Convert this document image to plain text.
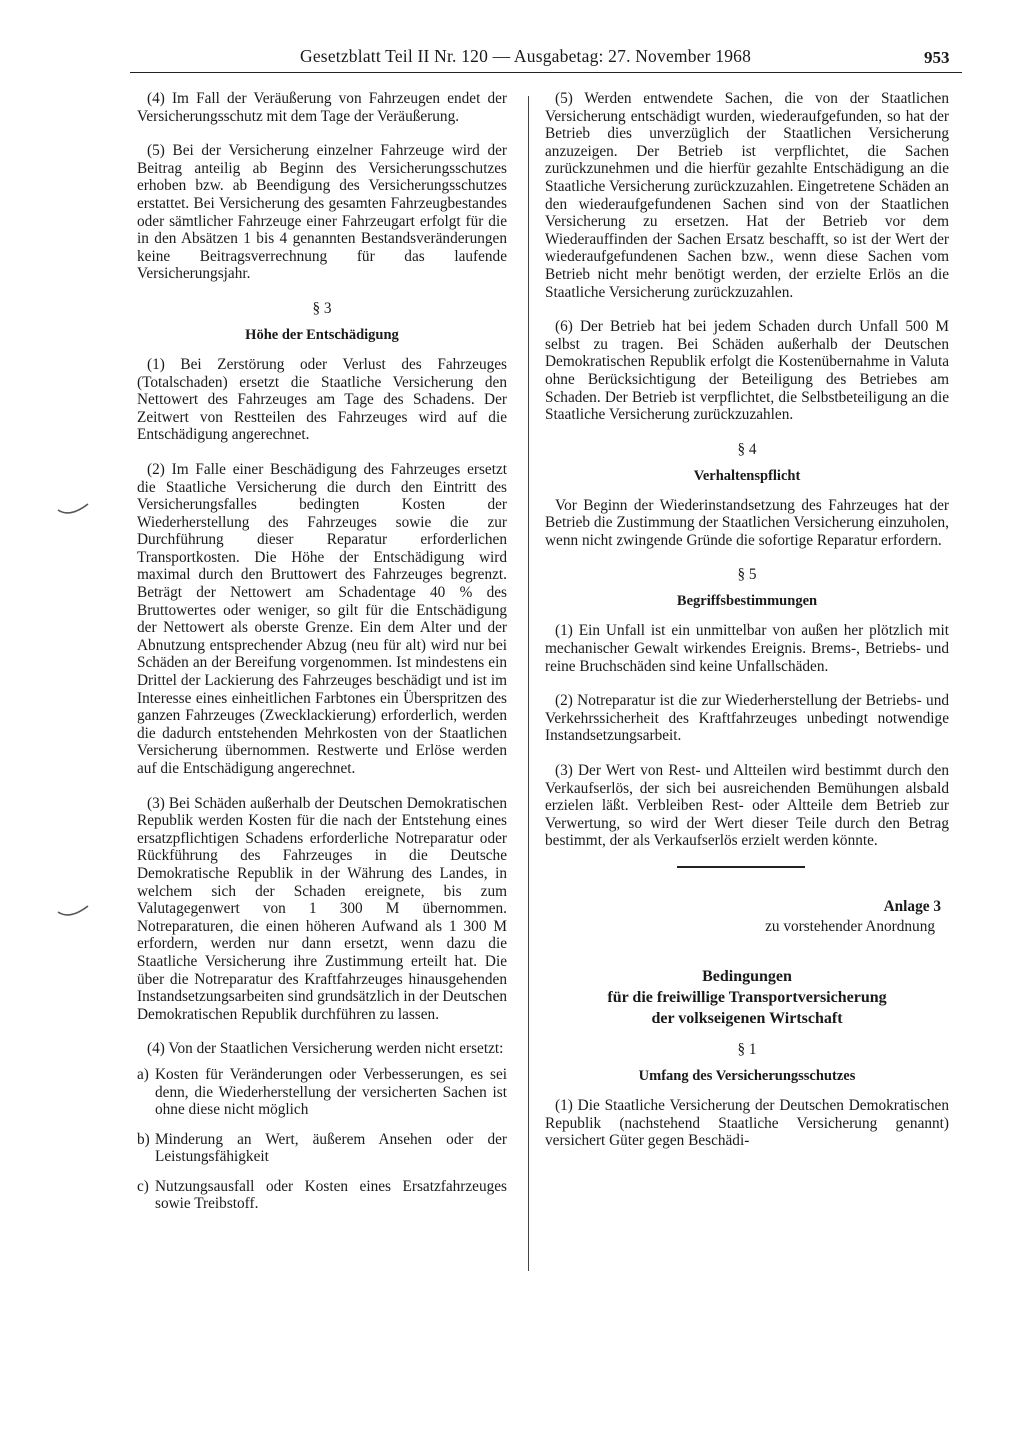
Gesetzblatt Teil II Nr. 120 — Ausgabetag: 27. November 1968	953

(4) Im Fall der Veräußerung von Fahrzeugen endet der Versicherungsschutz mit dem Tage der Veräußerung.

(5) Bei der Versicherung einzelner Fahrzeuge wird der Beitrag anteilig ab Beginn des Versicherungsschutzes erhoben bzw. ab Beendigung des Versicherungsschutzes erstattet. Bei Versicherung des gesamten Fahrzeugbestandes oder sämtlicher Fahrzeuge einer Fahrzeugart erfolgt für die in den Absätzen 1 bis 4 genannten Bestandsveränderungen keine Beitragsverrechnung für das laufende Versicherungsjahr.

§ 3
Höhe der Entschädigung

(1) Bei Zerstörung oder Verlust des Fahrzeuges (Totalschaden) ersetzt die Staatliche Versicherung den Nettowert des Fahrzeuges am Tage des Schadens. Der Zeitwert von Restteilen des Fahrzeuges wird auf die Entschädigung angerechnet.

(2) Im Falle einer Beschädigung des Fahrzeuges ersetzt die Staatliche Versicherung die durch den Eintritt des Versicherungsfalles bedingten Kosten der Wiederherstellung des Fahrzeuges sowie die zur Durchführung dieser Reparatur erforderlichen Transportkosten. Die Höhe der Entschädigung wird maximal durch den Bruttowert des Fahrzeuges begrenzt. Beträgt der Nettowert am Schadentage 40 % des Bruttowertes oder weniger, so gilt für die Entschädigung der Nettowert als oberste Grenze. Ein dem Alter und der Abnutzung entsprechender Abzug (neu für alt) wird nur bei Schäden an der Bereifung vorgenommen. Ist mindestens ein Drittel der Lackierung des Fahrzeuges beschädigt und ist im Interesse eines einheitlichen Farbtones ein Überspritzen des ganzen Fahrzeuges (Zwecklackierung) erforderlich, werden die dadurch entstehenden Mehrkosten von der Staatlichen Versicherung übernommen. Restwerte und Erlöse werden auf die Entschädigung angerechnet.

(3) Bei Schäden außerhalb der Deutschen Demokratischen Republik werden Kosten für die nach der Entstehung eines ersatzpflichtigen Schadens erforderliche Notreparatur oder Rückführung des Fahrzeuges in die Deutsche Demokratische Republik in der Währung des Landes, in welchem sich der Schaden ereignete, bis zum Valutagegenwert von 1 300 M übernommen. Notreparaturen, die einen höheren Aufwand als 1 300 M erfordern, werden nur dann ersetzt, wenn dazu die Staatliche Versicherung ihre Zustimmung erteilt hat. Die über die Notreparatur des Kraftfahrzeuges hinausgehenden Instandsetzungsarbeiten sind grundsätzlich in der Deutschen Demokratischen Republik durchführen zu lassen.

(4) Von der Staatlichen Versicherung werden nicht ersetzt:

a) Kosten für Veränderungen oder Verbesserungen, es sei denn, die Wiederherstellung der versicherten Sachen ist ohne diese nicht möglich
b) Minderung an Wert, äußerem Ansehen oder der Leistungsfähigkeit
c) Nutzungsausfall oder Kosten eines Ersatzfahrzeuges sowie Treibstoff.

(5) Werden entwendete Sachen, die von der Staatlichen Versicherung entschädigt wurden, wiederaufgefunden, so hat der Betrieb dies unverzüglich der Staatlichen Versicherung anzuzeigen. Der Betrieb ist verpflichtet, die Sachen zurückzunehmen und die hierfür gezahlte Entschädigung an die Staatliche Versicherung zurückzuzahlen. Eingetretene Schäden an den wiederaufgefundenen Sachen sind von der Staatlichen Versicherung zu ersetzen. Hat der Betrieb vor dem Wiederauffinden der Sachen Ersatz beschafft, so ist der Wert der wiederaufgefundenen Sachen bzw., wenn diese Sachen vom Betrieb nicht mehr benötigt werden, der erzielte Erlös an die Staatliche Versicherung zurückzuzahlen.

(6) Der Betrieb hat bei jedem Schaden durch Unfall 500 M selbst zu tragen. Bei Schäden außerhalb der Deutschen Demokratischen Republik erfolgt die Kostenübernahme in Valuta ohne Berücksichtigung der Beteiligung des Betriebes am Schaden. Der Betrieb ist verpflichtet, die Selbstbeteiligung an die Staatliche Versicherung zurückzuzahlen.

§ 4
Verhaltenspflicht

Vor Beginn der Wiederinstandsetzung des Fahrzeuges hat der Betrieb die Zustimmung der Staatlichen Versicherung einzuholen, wenn nicht zwingende Gründe die sofortige Reparatur erfordern.

§ 5
Begriffsbestimmungen

(1) Ein Unfall ist ein unmittelbar von außen her plötzlich mit mechanischer Gewalt wirkendes Ereignis. Brems-, Betriebs- und reine Bruchschäden sind keine Unfallschäden.

(2) Notreparatur ist die zur Wiederherstellung der Betriebs- und Verkehrssicherheit des Kraftfahrzeuges unbedingt notwendige Instandsetzungsarbeit.

(3) Der Wert von Rest- und Altteilen wird bestimmt durch den Verkaufserlös, der sich bei ausreichenden Bemühungen alsbald erzielen läßt. Verbleiben Rest- oder Altteile dem Betrieb zur Verwertung, so wird der Wert dieser Teile durch den Betrag bestimmt, der als Verkaufserlös erzielt werden könnte.

Anlage 3
zu vorstehender Anordnung
Bedingungen
für die freiwillige Transportversicherung
der volkseigenen Wirtschaft
§ 1
Umfang des Versicherungsschutzes

(1) Die Staatliche Versicherung der Deutschen Demokratischen Republik (nachstehend Staatliche Versicherung genannt) versichert Güter gegen Beschädi-
